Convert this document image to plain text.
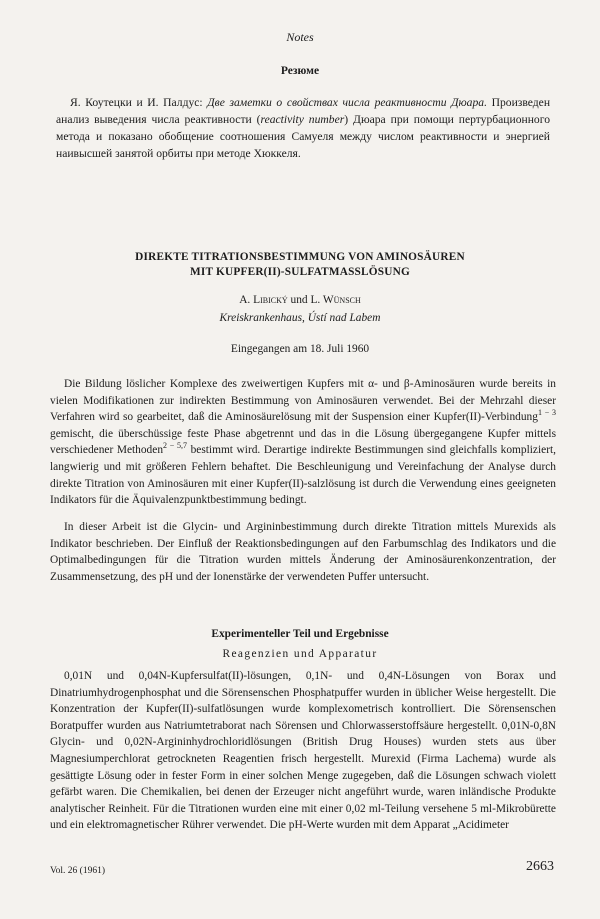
Notes
Резюме
Я. Коутецки и И. Палдус: Две заметки о свойствах числа реактивности Дюара. Произведен анализ выведения числа реактивности (reactivity number) Дюара при помощи пертурбационного метода и показано обобщение соотношения Самуеля между числом реактивности и энергией наивысшей занятой орбиты при методе Хюккеля.
DIREKTE TITRATIONSBESTIMMUNG VON AMINOSÄUREN
MIT KUPFER(II)-SULFATMASSLÖSUNG
A. Libický und L. Wünsch
Kreiskrankenhaus, Ústí nad Labem
Eingegangen am 18. Juli 1960

Die Bildung löslicher Komplexe des zweiwertigen Kupfers mit α- und β-Aminosäuren wurde bereits in vielen Modifikationen zur indirekten Bestimmung von Aminosäuren verwendet. Bei der Mehrzahl dieser Verfahren wird so gearbeitet, daß die Aminosäurelösung mit der Suspension einer Kupfer(II)-Verbindung$^{1 - 3}$ gemischt, die überschüssige feste Phase abgetrennt und das in die Lösung übergegangene Kupfer mittels verschiedener Methoden$^{2 - 5,7}$ bestimmt wird. Derartige indirekte Bestimmungen sind gleichfalls kompliziert, langwierig und mit größeren Fehlern behaftet. Die Beschleunigung und Vereinfachung der Analyse durch direkte Titration von Aminosäuren mit einer Kupfer(II)-salzlösung ist durch die Verwendung eines geeigneten Indikators für die Äquivalenzpunktbestimmung bedingt.

In dieser Arbeit ist die Glycin- und Argininbestimmung durch direkte Titration mittels Murexids als Indikator beschrieben. Der Einfluß der Reaktionsbedingungen auf den Farbumschlag des Indikators und die Optimalbedingungen für die Titration wurden mittels Änderung der Aminosäurenkonzentration, der Zusammensetzung, des pH und der Ionenstärke der verwendeten Puffer untersucht.

Experimenteller Teil und Ergebnisse
Reagenzien und Apparatur

0,01N und 0,04N-Kupfersulfat(II)-lösungen, 0,1N- und 0,4N-Lösungen von Borax und Dinatriumhydrogenphosphat und die Sörensenschen Phosphatpuffer wurden in üblicher Weise hergestellt. Die Konzentration der Kupfer(II)-sulfatlösungen wurde komplexometrisch kontrolliert. Die Sörensenschen Boratpuffer wurden aus Natriumtetraborat nach Sörensen und Chlorwasserstoffsäure hergestellt. 0,01N-0,8N Glycin- und 0,02N-Argininhydrochloridlösungen (British Drug Houses) wurden stets aus über Magnesiumperchlorat getrockneten Reagentien frisch hergestellt. Murexid (Firma Lachema) wurde als gesättigte Lösung oder in fester Form in einer solchen Menge zugegeben, daß die Lösungen schwach violett gefärbt waren. Die Chemikalien, bei denen der Erzeuger nicht angeführt wurde, waren inländische Produkte analytischer Reinheit. Für die Titrationen wurden eine mit einer 0,02 ml-Teilung versehene 5 ml-Mikrobürette und ein elektromagnetischer Rührer verwendet. Die pH-Werte wurden mit dem Apparat „Acidimeter

Vol. 26 (1961)	2663
